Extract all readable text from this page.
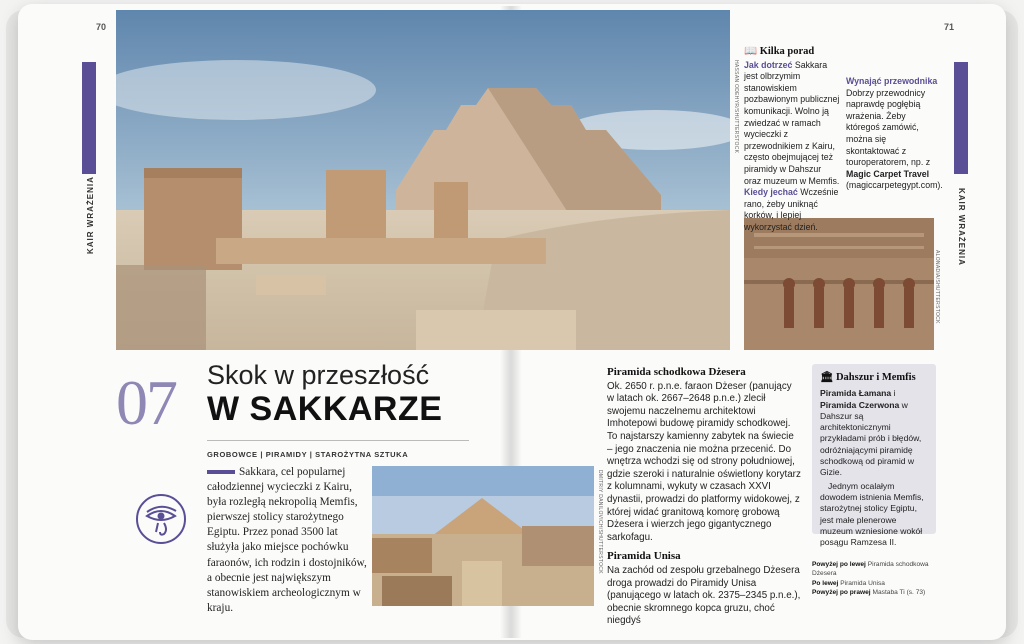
HASSAN ODEHYR/SHUTTERSTOCK
ALONADIA/SHUTTERSTOCK
DMITRIY DANILOVICH/SHUTTERSTOCK
70	71
KAIR WRAŻENIA	KAIR WRAŻENIA
07 Skok w przeszłość
W SAKKARZE
GROBOWCE | PIRAMIDY | STAROŻYTNA SZTUKA
Sakkara, cel popularnej całodziennej wycieczki z Kairu, była rozległą nekropolią Memfis, pierwszej stolicy starożytnego Egiptu. Przez ponad 3500 lat służyła jako miejsce pochówku faraonów, ich rodzin i dostojników, a obecnie jest największym stanowiskiem archeologicznym w kraju.
📖 Kilka porad
Jak dotrzeć Sakkara jest olbrzymim stanowiskiem pozbawionym publicznej komunikacji. Wolno ją zwiedzać w ramach wycieczki z przewodnikiem z Kairu, często obejmującej też piramidy w Dahszur oraz muzeum w Memfis.
Kiedy jechać Wcześnie rano, żeby uniknąć korków, i lepiej wykorzystać dzień.
Wynająć przewodnika
Dobrzy przewodnicy naprawdę pogłębią wrażenia. Żeby któregoś zamówić, można się skontaktować z touroperatorem, np. z Magic Carpet Travel (magiccarpetegypt.com).
Piramida schodkowa Dżesera

Ok. 2650 r. p.n.e. faraon Dżeser (panujący w latach ok. 2667–2648 p.n.e.) zlecił swojemu naczelnemu architektowi Imhotepowi budowę piramidy schodkowej. To najstarszy kamienny zabytek na świecie – jego znaczenia nie można przecenić. Do wnętrza wchodzi się od strony południowej, gdzie szeroki i naturalnie oświetlony korytarz z kolumnami, wykuty w czasach XXVI dynastii, prowadzi do platformy widokowej, z której widać granitową komorę grobową Dżesera i wierzch jego gigantycznego sarkofagu.

Piramida Unisa

Na zachód od zespołu grzebalnego Dżesera droga prowadzi do Piramidy Unisa (panującego w latach ok. 2375–2345 p.n.e.), obecnie skromnego kopca gruzu, choć niegdyś

🏛 Dahszur i Memfis
Piramida Łamana i Piramida Czerwona w Dahszur są architektonicznymi przykładami prób i błędów, odróżniającymi piramidę schodkową od piramid w Gizie.
Jednym ocalałym dowodem istnienia Memfis, starożytnej stolicy Egiptu, jest małe plenerowe muzeum wzniesione wokół posągu Ramzesa II.
Powyżej po lewej Piramida schodkowa Dżesera
Po lewej Piramida Unisa
Powyżej po prawej Mastaba Ti (s. 73)
